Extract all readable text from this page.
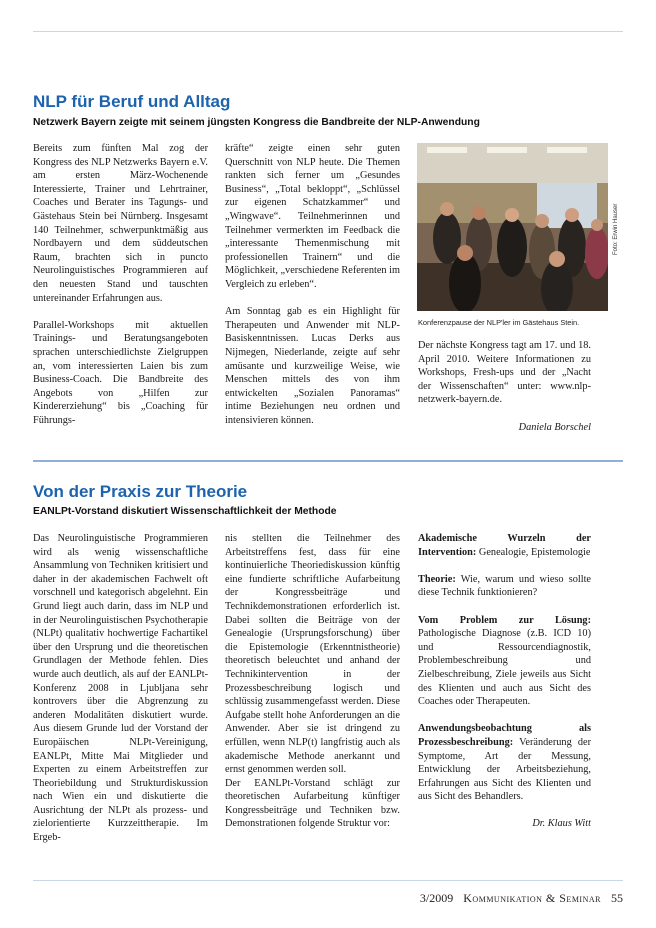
NLP für Beruf und Alltag
Netzwerk Bayern zeigte mit seinem jüngsten Kongress die Bandbreite der NLP-Anwendung

Bereits zum fünften Mal zog der Kongress des NLP Netzwerks Bayern e.V. am ersten März-Wochenende Interessierte, Trainer und Lehrtrainer, Coaches und Berater ins Tagungs- und Gästehaus Stein bei Nürnberg. Insgesamt 140 Teilnehmer, schwerpunktmäßig aus Nordbayern und dem süddeutschen Raum, brachten sich in puncto Neurolinguistisches Programmieren auf den neuesten Stand und tauschten untereinander Erfahrungen aus.

Parallel-Workshops mit aktuellen Trainings- und Beratungsangeboten sprachen unterschiedlichste Zielgruppen an, vom interessierten Laien bis zum Business-Coach. Die Bandbreite des Angebots von „Hilfen zur Kindererziehung“ bis „Coaching für Führungs-

kräfte“ zeigte einen sehr guten Querschnitt von NLP heute. Die Themen rankten sich ferner um „Gesundes Business“, „Total bekloppt“, „Schlüssel zur eigenen Schatzkammer“ und „Wingwave“. Teilnehmerinnen und Teilnehmer vermerkten im Feedback die „interessante Themenmischung mit professionellen Trainern“ und die Möglichkeit, „verschiedene Referenten im Vergleich zu erleben“.

Am Sonntag gab es ein Highlight für Therapeuten und Anwender mit NLP-Basiskenntnissen. Lucas Derks aus Nijmegen, Niederlande, zeigte auf sehr amüsante und kurzweilige Weise, wie Menschen mittels des von ihm entwickelten „Sozialen Panoramas“ intime Beziehungen neu ordnen und intensivieren können.

Foto: Erwin Hauser
Konferenzpause der NLP'ler im Gästehaus Stein.

Der nächste Kongress tagt am 17. und 18. April 2010. Weitere Informationen zu Workshops, Fresh-ups und der „Nacht der Wissenschaften“ unter: www.nlp-netzwerk-bayern.de.

Daniela Borschel

Von der Praxis zur Theorie
EANLPt-Vorstand diskutiert Wissenschaftlichkeit der Methode

Das Neurolinguistische Programmieren wird als wenig wissenschaftliche Ansammlung von Techniken kritisiert und daher in der akademischen Fachwelt oft vorschnell und kategorisch abgelehnt. Ein Grund liegt auch darin, dass im NLP und in der Neurolinguistischen Psychotherapie (NLPt) qualitativ hochwertige Fachartikel über den Ursprung und die theoretischen Grundlagen der Methode fehlen. Dies wurde auch deutlich, als auf der EANLPt-Konferenz 2008 in Ljubljana sehr kontrovers über die Abgrenzung zu anderen Modalitäten diskutiert wurde. Aus diesem Grunde lud der Vorstand der Europäischen NLPt-Vereinigung, EANLPt, Mitte Mai Mitglieder und Experten zu einem Arbeitstreffen zur Theoriebildung und Strukturdiskussion nach Wien ein und diskutierte die Ausrichtung der NLPt als prozess- und zielorientierte Kurzzeittherapie. Im Ergeb-

nis stellten die Teilnehmer des Arbeitstreffens fest, dass für eine kontinuierliche Theoriediskussion künftig eine fundierte schriftliche Aufarbeitung der Kongressbeiträge und Technikdemonstrationen erforderlich ist. Dabei sollten die Beiträge von der Genealogie (Ursprungsforschung) über die Epistemologie (Erkenntnistheorie) theoretisch beleuchtet und anhand der Technikintervention in der Prozessbeschreibung logisch und schlüssig zusammengefasst werden. Diese Aufgabe stellt hohe Anforderungen an die Anwender. Aber sie ist dringend zu erfüllen, wenn NLP(t) langfristig auch als akademische Methode anerkannt und ernst genommen werden soll.

Der EANLPt-Vorstand schlägt zur theoretischen Aufarbeitung künftiger Kongressbeiträge und Techniken bzw. Demonstrationen folgende Struktur vor:

Akademische Wurzeln der Intervention: Genealogie, Epistemologie

Theorie: Wie, warum und wieso sollte diese Technik funktionieren?

Vom Problem zur Lösung: Pathologische Diagnose (z.B. ICD 10) und Ressourcendiagnostik, Problembeschreibung und Zielbeschreibung, Ziele jeweils aus Sicht des Klienten und auch aus Sicht des Coaches oder Therapeuten.

Anwendungsbeobachtung als Prozessbeschreibung: Veränderung der Symptome, Art der Messung, Entwicklung der Arbeitsbeziehung, Erfahrungen aus Sicht des Klienten und aus Sicht des Behandlers.

Dr. Klaus Witt

3/2009 Kommunikation & Seminar 55
